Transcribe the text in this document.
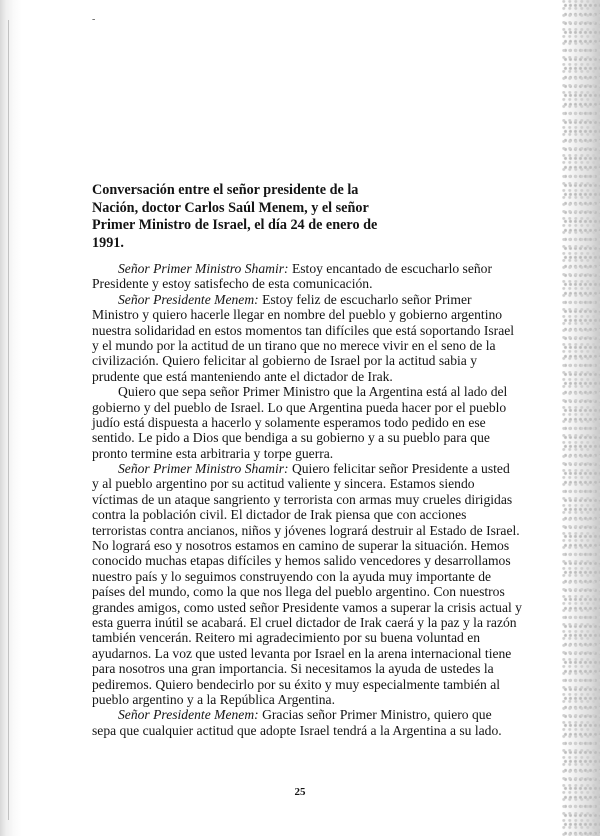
-
Conversación entre el señor presidente de la
Nación, doctor Carlos Saúl Menem, y el señor
Primer Ministro de Israel, el día 24 de enero de
1991.
Señor Primer Ministro Shamir: Estoy encantado de escucharlo señor
Presidente y estoy satisfecho de esta comunicación.
Señor Presidente Menem: Estoy feliz de escucharlo señor Primer
Ministro y quiero hacerle llegar en nombre del pueblo y gobierno argentino
nuestra solidaridad en estos momentos tan difíciles que está soportando Israel
y el mundo por la actitud de un tirano que no merece vivir en el seno de la
civilización. Quiero felicitar al gobierno de Israel por la actitud sabia y
prudente que está manteniendo ante el dictador de Irak.
Quiero que sepa señor Primer Ministro que la Argentina está al lado del
gobierno y del pueblo de Israel. Lo que Argentina pueda hacer por el pueblo
judío está dispuesta a hacerlo y solamente esperamos todo pedido en ese
sentido. Le pido a Dios que bendiga a su gobierno y a su pueblo para que
pronto termine esta arbitraria y torpe guerra.
Señor Primer Ministro Shamir: Quiero felicitar señor Presidente a usted
y al pueblo argentino por su actitud valiente y sincera. Estamos siendo
víctimas de un ataque sangriento y terrorista con armas muy crueles dirigidas
contra la población civil. El dictador de Irak piensa que con acciones
terroristas contra ancianos, niños y jóvenes logrará destruir al Estado de Israel.
No logrará eso y nosotros estamos en camino de superar la situación. Hemos
conocido muchas etapas difíciles y hemos salido vencedores y desarrollamos
nuestro país y lo seguimos construyendo con la ayuda muy importante de
países del mundo, como la que nos llega del pueblo argentino. Con nuestros
grandes amigos, como usted señor Presidente vamos a superar la crisis actual y
esta guerra inútil se acabará. El cruel dictador de Irak caerá y la paz y la razón
también vencerán. Reitero mi agradecimiento por su buena voluntad en
ayudarnos. La voz que usted levanta por Israel en la arena internacional tiene
para nosotros una gran importancia. Si necesitamos la ayuda de ustedes la
pediremos. Quiero bendecirlo por su éxito y muy especialmente también al
pueblo argentino y a la República Argentina.
Señor Presidente Menem: Gracias señor Primer Ministro, quiero que
sepa que cualquier actitud que adopte Israel tendrá a la Argentina a su lado.
25
